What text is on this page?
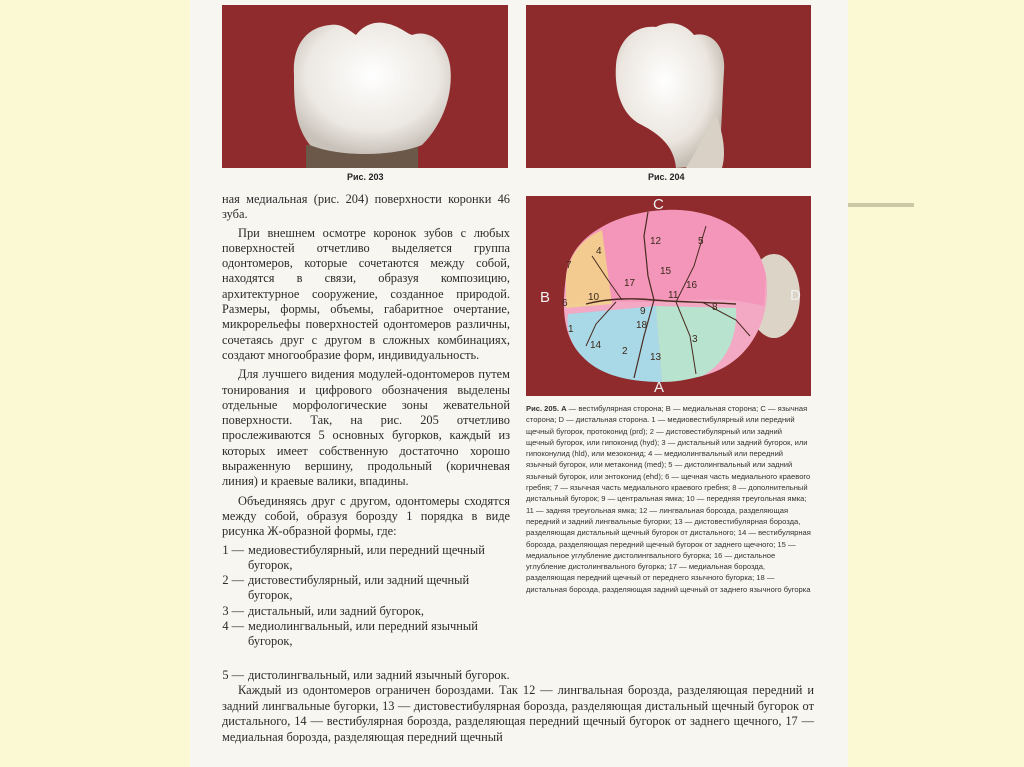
Рис. 203	Рис. 204
C
B	D
A
4
12	5
7
15
17	16
10	11
6	8
9
18
1
3
14
2
13

ная медиальная (рис. 204) поверхности коронки 46 зуба.

При внешнем осмотре коронок зубов с любых поверхностей отчетливо выделяется группа одонтомеров, которые сочетаются между собой, находятся в связи, образуя композицию, архитектурное сооружение, созданное природой. Размеры, формы, объемы, габаритное очертание, микрорельефы поверхностей одонтомеров различны, сочетаясь друг с другом в сложных комбинациях, создают многообразие форм, индивидуальность.

Для лучшего видения модулей-одонтомеров путем тонирования и цифрового обозначения выделены отдельные морфологические зоны жевательной поверхности. Так, на рис. 205 отчетливо прослеживаются 5 основных бугорков, каждый из которых имеет собственную достаточно хорошо выраженную вершину, продольный (коричневая линия) и краевые валики, впадины.

Объединяясь друг с другом, одонтомеры сходятся между собой, образуя борозду 1 порядка в виде рисунка Ж-образной формы, где:

1 — медиовестибулярный, или передний щечный бугорок,
2 — дистовестибулярный, или задний щечный бугорок,
3 — дистальный, или задний бугорок,
4 — медиолингвальный, или передний язычный бугорок,
Рис. 205. A — вестибулярная сторона; B — медиальная сторона; C — язычная сторона; D — дистальная сторона. 1 — медиовестибулярный или передний щечный бугорок, протоконид (prd); 2 — дистовестибулярный или задний щечный бугорок, или гипоконид (hyd); 3 — дистальный или задний бугорок, или гипоконулид (hld), или мезоконид; 4 — медиолингвальный или передний язычный бугорок, или метаконид (med); 5 — дистолингвальный или задний язычный бугорок, или энтоконид (ehd); 6 — щечная часть медиального краевого гребня; 7 — язычная часть медиального краевого гребня; 8 — дополнительный дистальный бугорок; 9 — центральная ямка; 10 — передняя треугольная ямка; 11 — задняя треугольная ямка; 12 — лингвальная борозда, разделяющая передний и задний лингвальные бугорки; 13 — дистовестибулярная борозда, разделяющая дистальный щечный бугорок от дистального; 14 — вестибулярная борозда, разделяющая передний щечный бугорок от заднего щечного; 15 — медиальное углубление дистолингвального бугорка; 16 — дистальное углубление дистолингвального бугорка; 17 — медиальная борозда, разделяющая передний щечный от переднего язычного бугорка; 18 — дистальная борозда, разделяющая задний щечный от заднего язычного бугорка
5 — дистолингвальный, или задний язычный бугорок.

Каждый из одонтомеров ограничен бороздами. Так 12 — лингвальная борозда, разделяющая передний и задний лингвальные бугорки, 13 — дистовестибулярная борозда, разделяющая дистальный щечный бугорок от дистального, 14 — вестибулярная борозда, разделяющая передний щечный бугорок от заднего щечного, 17 — медиальная борозда, разделяющая передний щечный
